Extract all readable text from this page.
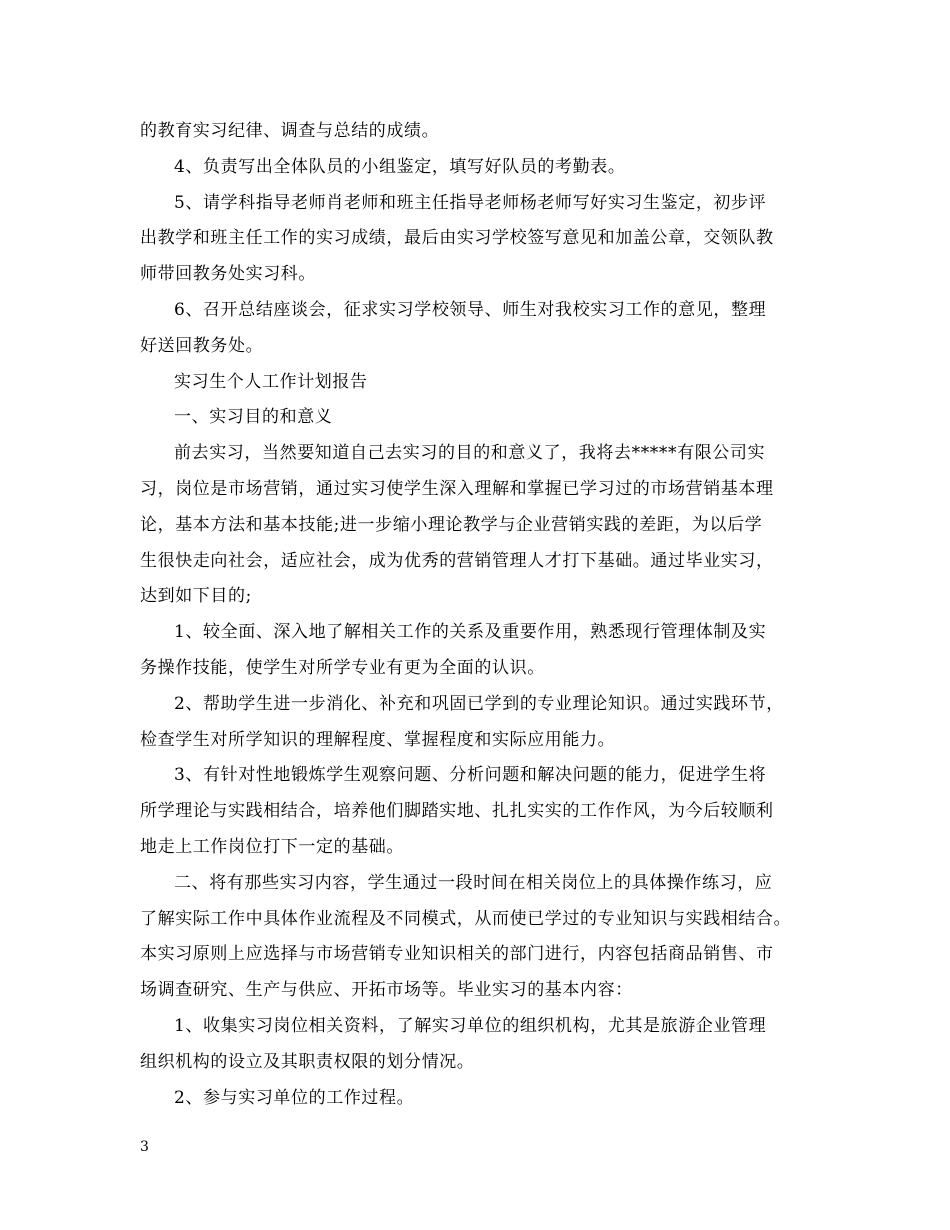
的教育实习纪律、调查与总结的成绩。
4、负责写出全体队员的小组鉴定，填写好队员的考勤表。
5、请学科指导老师肖老师和班主任指导老师杨老师写好实习生鉴定，初步评
出教学和班主任工作的实习成绩，最后由实习学校签写意见和加盖公章，交领队教
师带回教务处实习科。
6、召开总结座谈会，征求实习学校领导、师生对我校实习工作的意见，整理
好送回教务处。
实习生个人工作计划报告
一、实习目的和意义
前去实习，当然要知道自己去实习的目的和意义了，我将去*****有限公司实
习，岗位是市场营销，通过实习使学生深入理解和掌握已学习过的市场营销基本理
论，基本方法和基本技能;进一步缩小理论教学与企业营销实践的差距，为以后学
生很快走向社会，适应社会，成为优秀的营销管理人才打下基础。通过毕业实习，
达到如下目的;
1、较全面、深入地了解相关工作的关系及重要作用，熟悉现行管理体制及实
务操作技能，使学生对所学专业有更为全面的认识。
2、帮助学生进一步消化、补充和巩固已学到的专业理论知识。通过实践环节，
检查学生对所学知识的理解程度、掌握程度和实际应用能力。
3、有针对性地锻炼学生观察问题、分析问题和解决问题的能力，促进学生将
所学理论与实践相结合，培养他们脚踏实地、扎扎实实的工作作风，为今后较顺利
地走上工作岗位打下一定的基础。
二、将有那些实习内容，学生通过一段时间在相关岗位上的具体操作练习，应
了解实际工作中具体作业流程及不同模式，从而使已学过的专业知识与实践相结合。
本实习原则上应选择与市场营销专业知识相关的部门进行，内容包括商品销售、市
场调查研究、生产与供应、开拓市场等。毕业实习的基本内容：
1、收集实习岗位相关资料，了解实习单位的组织机构，尤其是旅游企业管理
组织机构的设立及其职责权限的划分情况。
2、参与实习单位的工作过程。
3
